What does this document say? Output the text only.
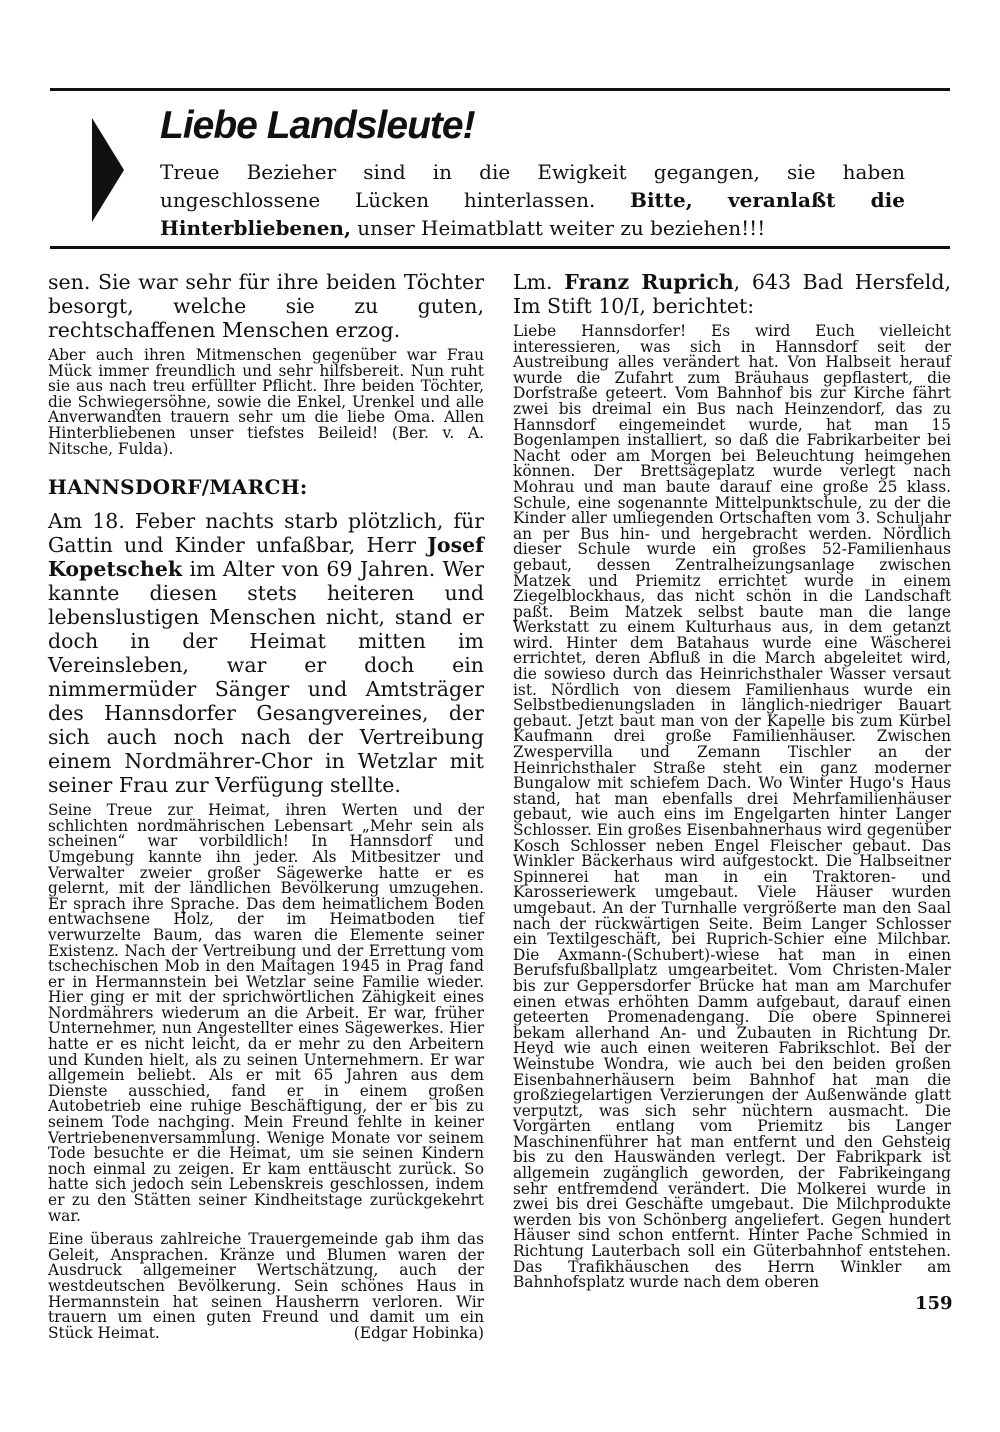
Liebe Landsleute!

Treue Bezieher sind in die Ewigkeit gegangen, sie haben ungeschlossene Lücken hinterlassen. Bitte, veranlaßt die Hinterbliebenen, unser Heimatblatt weiter zu beziehen!!!

sen. Sie war sehr für ihre beiden Töchter besorgt, welche sie zu guten, rechtschaffenen Menschen erzog.

Aber auch ihren Mitmenschen gegenüber war Frau Mück immer freundlich und sehr hilfsbereit. Nun ruht sie aus nach treu erfüllter Pflicht. Ihre beiden Töchter, die Schwiegersöhne, sowie die Enkel, Urenkel und alle Anverwandten trauern sehr um die liebe Oma. Allen Hinterbliebenen unser tiefstes Beileid! (Ber. v. A. Nitsche, Fulda).

HANNSDORF/MARCH:

Am 18. Feber nachts starb plötzlich, für Gattin und Kinder unfaßbar, Herr Josef Kopetschek im Alter von 69 Jahren. Wer kannte diesen stets heiteren und lebenslustigen Menschen nicht, stand er doch in der Heimat mitten im Vereinsleben, war er doch ein nimmermüder Sänger und Amtsträger des Hannsdorfer Gesangvereines, der sich auch noch nach der Vertreibung einem Nordmährer-Chor in Wetzlar mit seiner Frau zur Verfügung stellte.

Seine Treue zur Heimat, ihren Werten und der schlichten nordmährischen Lebensart „Mehr sein als scheinen“ war vorbildlich! In Hannsdorf und Umgebung kannte ihn jeder. Als Mitbesitzer und Verwalter zweier großer Sägewerke hatte er es gelernt, mit der ländlichen Bevölkerung umzugehen. Er sprach ihre Sprache. Das dem heimatlichem Boden entwachsene Holz, der im Heimatboden tief verwurzelte Baum, das waren die Elemente seiner Existenz. Nach der Vertreibung und der Errettung vom tschechischen Mob in den Maitagen 1945 in Prag fand er in Hermannstein bei Wetzlar seine Familie wieder. Hier ging er mit der sprichwörtlichen Zähigkeit eines Nordmährers wiederum an die Arbeit. Er war, früher Unternehmer, nun Angestellter eines Sägewerkes. Hier hatte er es nicht leicht, da er mehr zu den Arbeitern und Kunden hielt, als zu seinen Unternehmern. Er war allgemein beliebt. Als er mit 65 Jahren aus dem Dienste ausschied, fand er in einem großen Autobetrieb eine ruhige Beschäftigung, der er bis zu seinem Tode nachging. Mein Freund fehlte in keiner Vertriebenenversammlung. Wenige Monate vor seinem Tode besuchte er die Heimat, um sie seinen Kindern noch einmal zu zeigen. Er kam enttäuscht zurück. So hatte sich jedoch sein Lebenskreis geschlossen, indem er zu den Stätten seiner Kindheitstage zurückgekehrt war.

Eine überaus zahlreiche Trauergemeinde gab ihm das Geleit, Ansprachen. Kränze und Blumen waren der Ausdruck allgemeiner Wertschätzung, auch der westdeutschen Bevölkerung. Sein schönes Haus in Hermannstein hat seinen Hausherrn verloren. Wir trauern um einen guten Freund und damit um ein Stück Heimat.	(Edgar Hobinka)

Lm. Franz Ruprich, 643 Bad Hersfeld, Im Stift 10/I, berichtet:

Liebe Hannsdorfer! Es wird Euch vielleicht interessieren, was sich in Hannsdorf seit der Austreibung alles verändert hat. Von Halbseit herauf wurde die Zufahrt zum Bräuhaus gepflastert, die Dorfstraße geteert. Vom Bahnhof bis zur Kirche fährt zwei bis dreimal ein Bus nach Heinzendorf, das zu Hannsdorf eingemeindet wurde, hat man 15 Bogenlampen installiert, so daß die Fabrikarbeiter bei Nacht oder am Morgen bei Beleuchtung heimgehen können. Der Brettsägeplatz wurde verlegt nach Mohrau und man baute darauf eine große 25 klass. Schule, eine sogenannte Mittelpunktschule, zu der die Kinder aller umliegenden Ortschaften vom 3. Schuljahr an per Bus hin- und hergebracht werden. Nördlich dieser Schule wurde ein großes 52-Familienhaus gebaut, dessen Zentralheizungsanlage zwischen Matzek und Priemitz errichtet wurde in einem Ziegelblockhaus, das nicht schön in die Landschaft paßt. Beim Matzek selbst baute man die lange Werkstatt zu einem Kulturhaus aus, in dem getanzt wird. Hinter dem Batahaus wurde eine Wäscherei errichtet, deren Abfluß in die March abgeleitet wird, die sowieso durch das Heinrichsthaler Wasser versaut ist. Nördlich von diesem Familienhaus wurde ein Selbstbedienungsladen in länglich-niedriger Bauart gebaut. Jetzt baut man von der Kapelle bis zum Kürbel Kaufmann drei große Familienhäuser. Zwischen Zwespervilla und Zemann Tischler an der Heinrichsthaler Straße steht ein ganz moderner Bungalow mit schiefem Dach. Wo Winter Hugo's Haus stand, hat man ebenfalls drei Mehrfamilienhäuser gebaut, wie auch eins im Engelgarten hinter Langer Schlosser. Ein großes Eisenbahnerhaus wird gegenüber Kosch Schlosser neben Engel Fleischer gebaut. Das Winkler Bäckerhaus wird aufgestockt. Die Halbseitner Spinnerei hat man in ein Traktoren- und Karosseriewerk umgebaut. Viele Häuser wurden umgebaut. An der Turnhalle vergrößerte man den Saal nach der rückwärtigen Seite. Beim Langer Schlosser ein Textilgeschäft, bei Ruprich-Schier eine Milchbar. Die Axmann-(Schubert)-wiese hat man in einen Berufsfußballplatz umgearbeitet. Vom Christen-Maler bis zur Geppersdorfer Brücke hat man am Marchufer einen etwas erhöhten Damm aufgebaut, darauf einen geteerten Promenadengang. Die obere Spinnerei bekam allerhand An- und Zubauten in Richtung Dr. Heyd wie auch einen weiteren Fabrikschlot. Bei der Weinstube Wondra, wie auch bei den beiden großen Eisenbahnerhäusern beim Bahnhof hat man die großziegelartigen Verzierungen der Außenwände glatt verputzt, was sich sehr nüchtern ausmacht. Die Vorgärten entlang vom Priemitz bis Langer Maschinenführer hat man entfernt und den Gehsteig bis zu den Hauswänden verlegt. Der Fabrikpark ist allgemein zugänglich geworden, der Fabrikeingang sehr entfremdend verändert. Die Molkerei wurde in zwei bis drei Geschäfte umgebaut. Die Milchprodukte werden bis von Schönberg angeliefert. Gegen hundert Häuser sind schon entfernt. Hinter Pache Schmied in Richtung Lauterbach soll ein Güterbahnhof entstehen. Das Trafikhäuschen des Herrn Winkler am Bahnhofsplatz wurde nach dem oberen

159
